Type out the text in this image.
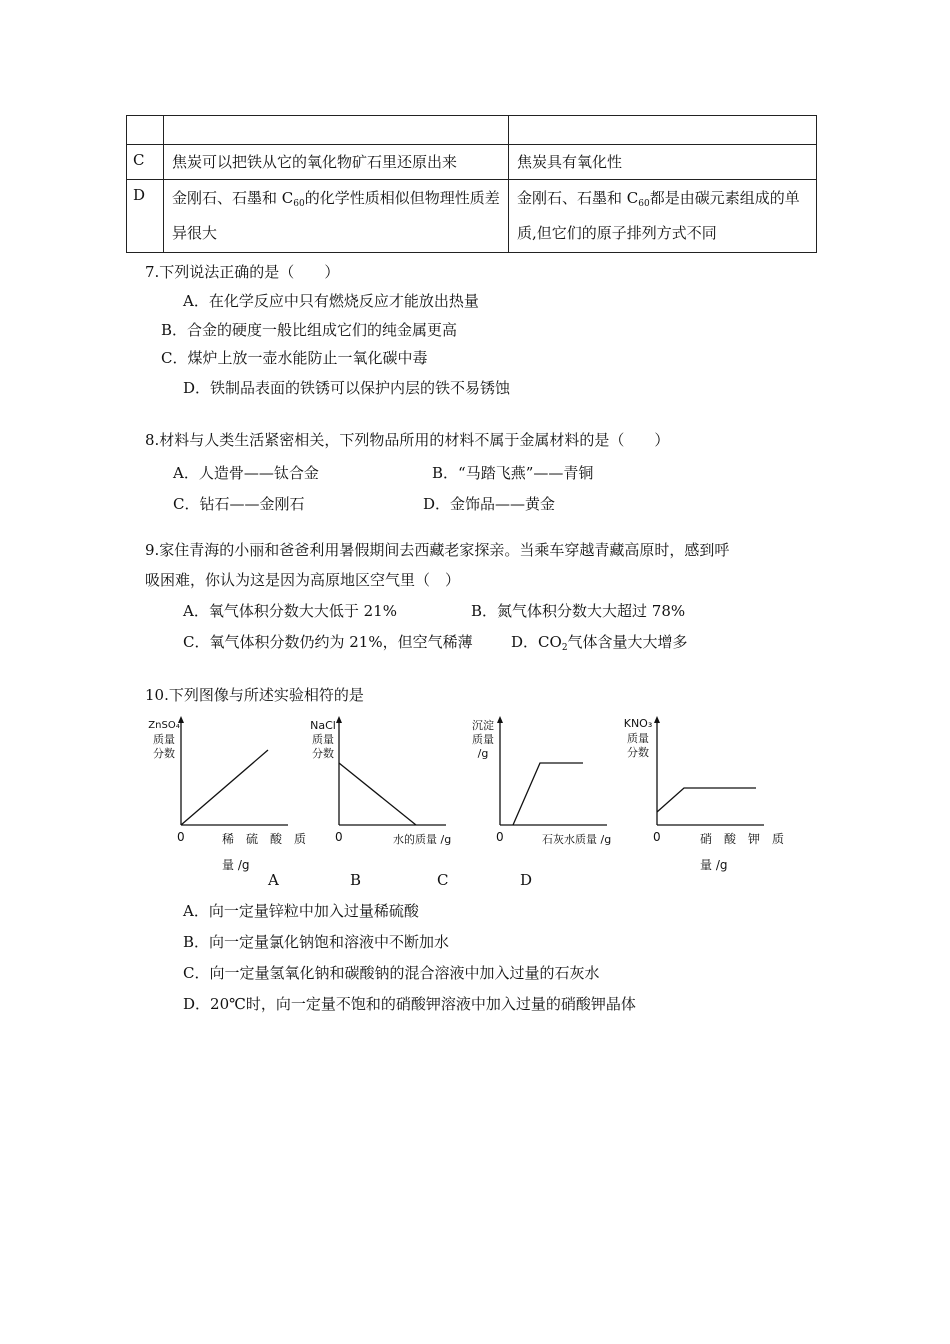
C	焦炭可以把铁从它的氧化物矿石里还原出来	焦炭具有氧化性
D	金刚石、石墨和 $C_{60}$的化学性质相似但物理性质差异很大	金刚石、石墨和 $C_{60}$都是由碳元素组成的单质,但它们的原子排列方式不同
7.下列说法正确的是（　　）
A．在化学反应中只有燃烧反应才能放出热量
B．合金的硬度一般比组成它们的纯金属更高
C．煤炉上放一壶水能防止一氧化碳中毒
D．铁制品表面的铁锈可以保护内层的铁不易锈蚀
8.材料与人类生活紧密相关，下列物品所用的材料不属于金属材料的是（　　）
A．人造骨——钛合金	B．“马踏飞燕”——青铜
C．钻石——金刚石	D．金饰品——黄金
9.家住青海的小丽和爸爸利用暑假期间去西藏老家探亲。当乘车穿越青藏高原时，感到呼
吸困难，你认为这是因为高原地区空气里（　）
A．氧气体积分数大大低于 21%	B．氮气体积分数大大超过 78%
C．氧气体积分数仍约为 21%，但空气稀薄	D．$CO_2$气体含量大大增多
10.下列图像与所述实验相符的是
ZnSO₄
质量
分数
0	稀　硫　酸　质
量 /g
NaCl
质量
分数
0	水的质量 /g
沉淀
质量
/g
0	石灰水质量 /g
KNO₃
质量
分数
0	硝　酸　钾　质
量 /g
A	B	C	D
A．向一定量锌粒中加入过量稀硫酸
B．向一定量氯化钠饱和溶液中不断加水
C．向一定量氢氧化钠和碳酸钠的混合溶液中加入过量的石灰水
D．20℃时，向一定量不饱和的硝酸钾溶液中加入过量的硝酸钾晶体
